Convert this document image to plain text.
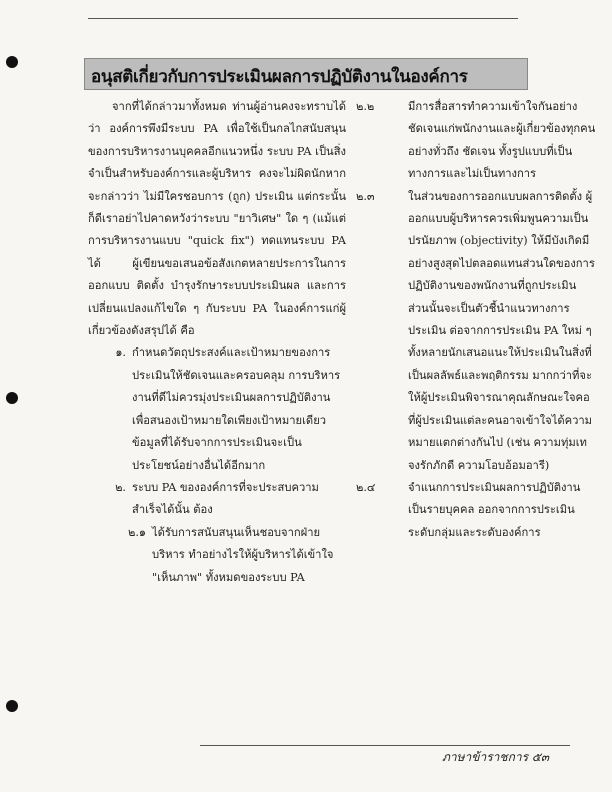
อนุสติเกี่ยวกับการประเมินผลการปฏิบัติงานในองค์การ

จากที่ได้กล่าวมาทั้งหมด ท่านผู้อ่านคงจะทราบได้ว่า องค์การพึงมีระบบ PA เพื่อใช้เป็นกลไกสนับสนุนของการบริหารงานบุคคลอีกแนวหนึ่ง ระบบ PA เป็นสิ่งจำเป็นสำหรับองค์การและผู้บริหาร คงจะไม่ผิดนักหากจะกล่าวว่า ไม่มีใครชอบการ (ถูก) ประเมิน แต่กระนั้นก็ดีเราอย่าไปคาดหวังว่าระบบ "ยาวิเศษ" ใด ๆ (แม้แต่การบริหารงานแบบ "quick fix") ทดแทนระบบ PA ได้ ผู้เขียนขอเสนอข้อสังเกตหลายประการในการออกแบบ ติดตั้ง บำรุงรักษาระบบประเมินผล และการเปลี่ยนแปลงแก้ไขใด ๆ กับระบบ PA ในองค์การแก่ผู้เกี่ยวข้องดังสรุปได้ คือ

๑. กำหนดวัตถุประสงค์และเป้าหมายของการประเมินให้ชัดเจนและครอบคลุม การบริหารงานที่ดีไม่ควรมุ่งประเมินผลการปฏิบัติงาน เพื่อสนองเป้าหมายใดเพียงเป้าหมายเดียว ข้อมูลที่ได้รับจากการประเมินจะเป็นประโยชน์อย่างอื่นได้อีกมาก
๒. ระบบ PA ขององค์การที่จะประสบความสำเร็จได้นั้น ต้อง
๒.๑ ได้รับการสนับสนุนเห็นชอบจากฝ่ายบริหาร ทำอย่างไรให้ผู้บริหารได้เข้าใจ "เห็นภาพ" ทั้งหมดของระบบ PA
๒.๒	มีการสื่อสารทำความเข้าใจกันอย่างชัดเจนแก่พนักงานและผู้เกี่ยวข้องทุกคน อย่างทั่วถึง ชัดเจน ทั้งรูปแบบที่เป็นทางการและไม่เป็นทางการ
๒.๓	ในส่วนของการออกแบบผลการติดตั้ง ผู้ออกแบบผู้บริหารควรเพิ่มพูนความเป็นปรนัยภาพ (objectivity) ให้มีบังเกิดมีอย่างสูงสุดไปตลอดแทนส่วนใดของการปฏิบัติงานของพนักงานที่ถูกประเมิน ส่วนนั้นจะเป็นตัวชี้นำแนวทางการประเมิน ต่อจากการประเมิน PA ใหม่ ๆ ทั้งหลายนักเสนอแนะให้ประเมินในสิ่งที่เป็นผลลัพธ์และพฤติกรรม มากกว่าที่จะให้ผู้ประเมินพิจารณาคุณลักษณะใจคอที่ผู้ประเมินแต่ละคนอาจเข้าใจได้ความหมายแตกต่างกันไป (เช่น ความทุ่มเทจงรักภักดี ความโอบอ้อมอารี)
๒.๔	จำแนกการประเมินผลการปฏิบัติงานเป็นรายบุคคล ออกจากการประเมินระดับกลุ่มและระดับองค์การ
ภาษาข้าราชการ ๕๓
